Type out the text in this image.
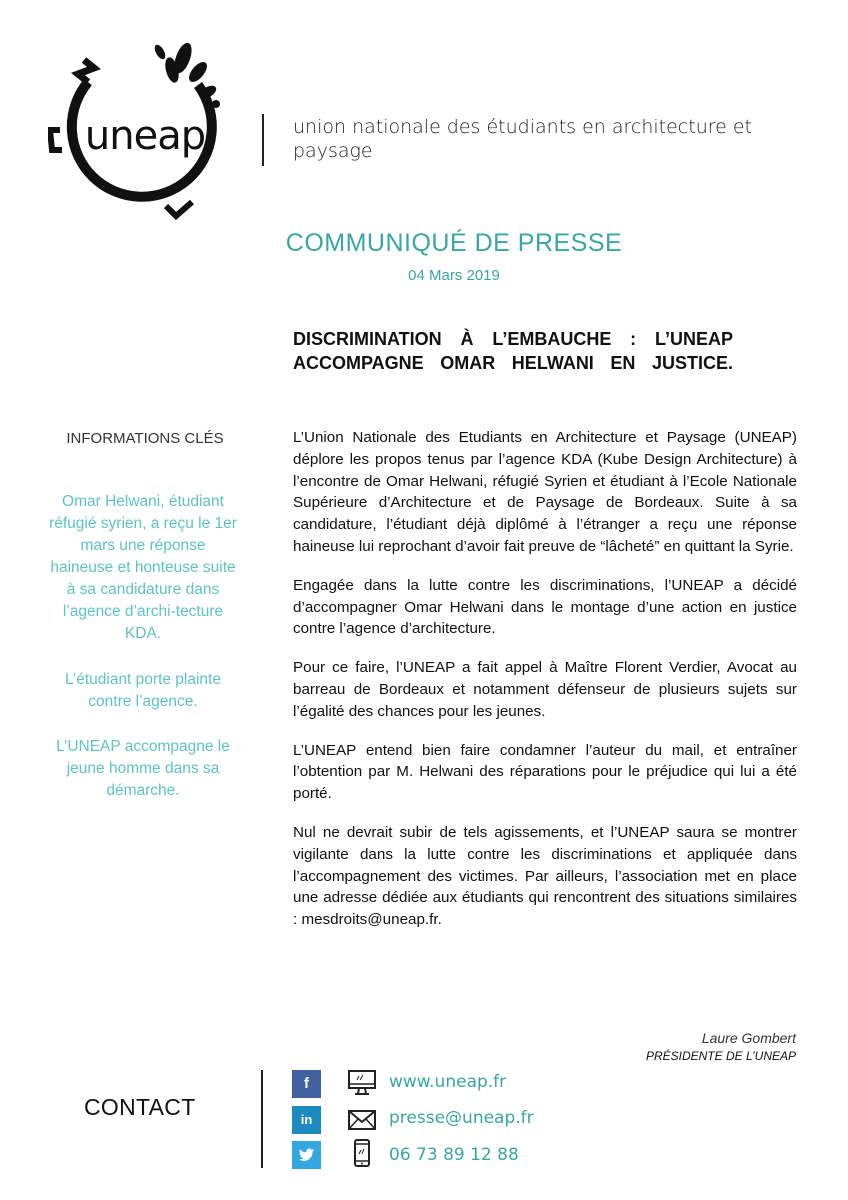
uneap	union nationale des étudiants en architecture et paysage
COMMUNIQUÉ DE PRESSE
04 Mars 2019
DISCRIMINATION À L’EMBAUCHE : L’UNEAP ACCOMPAGNE OMAR HELWANI EN JUSTICE.
INFORMATIONS CLÉS
Omar Helwani, étudiant réfugié syrien, a reçu le 1er mars une réponse haineuse et honteuse suite à sa candidature dans l’agence d’archi-tecture KDA.
L’étudiant porte plainte contre l’agence.
L’UNEAP accompagne le jeune homme dans sa démarche.

L’Union Nationale des Etudiants en Architecture et Paysage (UNEAP) déplore les propos tenus par l’agence KDA (Kube Design Architecture) à l’encontre de Omar Helwani, réfugié Syrien et étudiant à l’Ecole Nationale Supérieure d’Architecture et de Paysage de Bordeaux. Suite à sa candidature, l’étudiant déjà diplômé à l’étranger a reçu une réponse haineuse lui reprochant d’avoir fait preuve de “lâcheté” en quittant la Syrie.

Engagée dans la lutte contre les discriminations, l’UNEAP a décidé d’accompagner Omar Helwani dans le montage d’une action en justice contre l’agence d’architecture.

Pour ce faire, l’UNEAP a fait appel à Maître Florent Verdier, Avocat au barreau de Bordeaux et notamment défenseur de plusieurs sujets sur l’égalité des chances pour les jeunes.

L’UNEAP entend bien faire condamner l’auteur du mail, et entraîner l’obtention par M. Helwani des réparations pour le préjudice qui lui a été porté.

Nul ne devrait subir de tels agissements, et l’UNEAP saura se montrer vigilante dans la lutte contre les discriminations et appliquée dans l’accompagnement des victimes. Par ailleurs, l’association met en place une adresse dédiée aux étudiants qui rencontrent des situations similaires : mesdroits@uneap.fr.

Laure Gombert
PRÉSIDENTE DE L’UNEAP
CONTACT
f
in
www.uneap.fr
presse@uneap.fr
06 73 89 12 88
